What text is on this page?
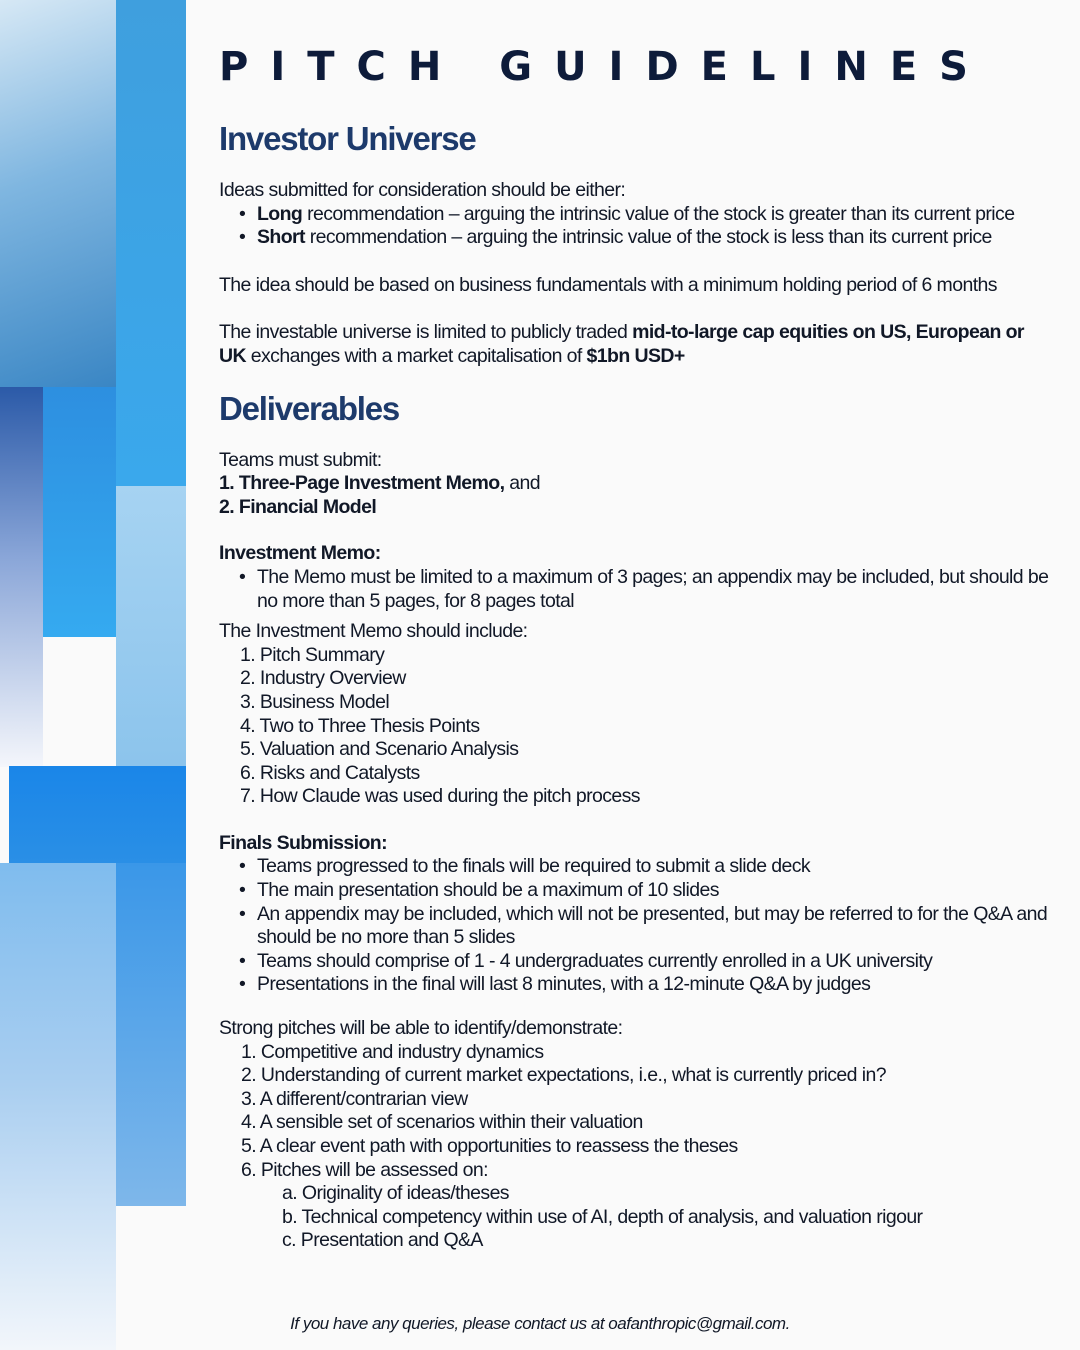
PITCH GUIDELINES
Investor Universe

Ideas submitted for consideration should be either:

• Long recommendation – arguing the intrinsic value of the stock is greater than its current price

• Short recommendation – arguing the intrinsic value of the stock is less than its current price

The idea should be based on business fundamentals with a minimum holding period of 6 months

The investable universe is limited to publicly traded mid-to-large cap equities on US, European or UK exchanges with a market capitalisation of $1bn USD+

Deliverables

Teams must submit:

1. Three-Page Investment Memo, and

2. Financial Model

Investment Memo:

• The Memo must be limited to a maximum of 3 pages; an appendix may be included, but should be no more than 5 pages, for 8 pages total

The Investment Memo should include:

1. Pitch Summary

2. Industry Overview

3. Business Model

4. Two to Three Thesis Points

5. Valuation and Scenario Analysis

6. Risks and Catalysts

7. How Claude was used during the pitch process

Finals Submission:

• Teams progressed to the finals will be required to submit a slide deck

• The main presentation should be a maximum of 10 slides

• An appendix may be included, which will not be presented, but may be referred to for the Q&A and should be no more than 5 slides

• Teams should comprise of 1 - 4 undergraduates currently enrolled in a UK university

• Presentations in the final will last 8 minutes, with a 12-minute Q&A by judges

Strong pitches will be able to identify/demonstrate:

1. Competitive and industry dynamics

2. Understanding of current market expectations, i.e., what is currently priced in?

3. A different/contrarian view

4. A sensible set of scenarios within their valuation

5. A clear event path with opportunities to reassess the theses

6. Pitches will be assessed on:

a. Originality of ideas/theses

b. Technical competency within use of AI, depth of analysis, and valuation rigour

c. Presentation and Q&A

If you have any queries, please contact us at oafanthropic@gmail.com.
